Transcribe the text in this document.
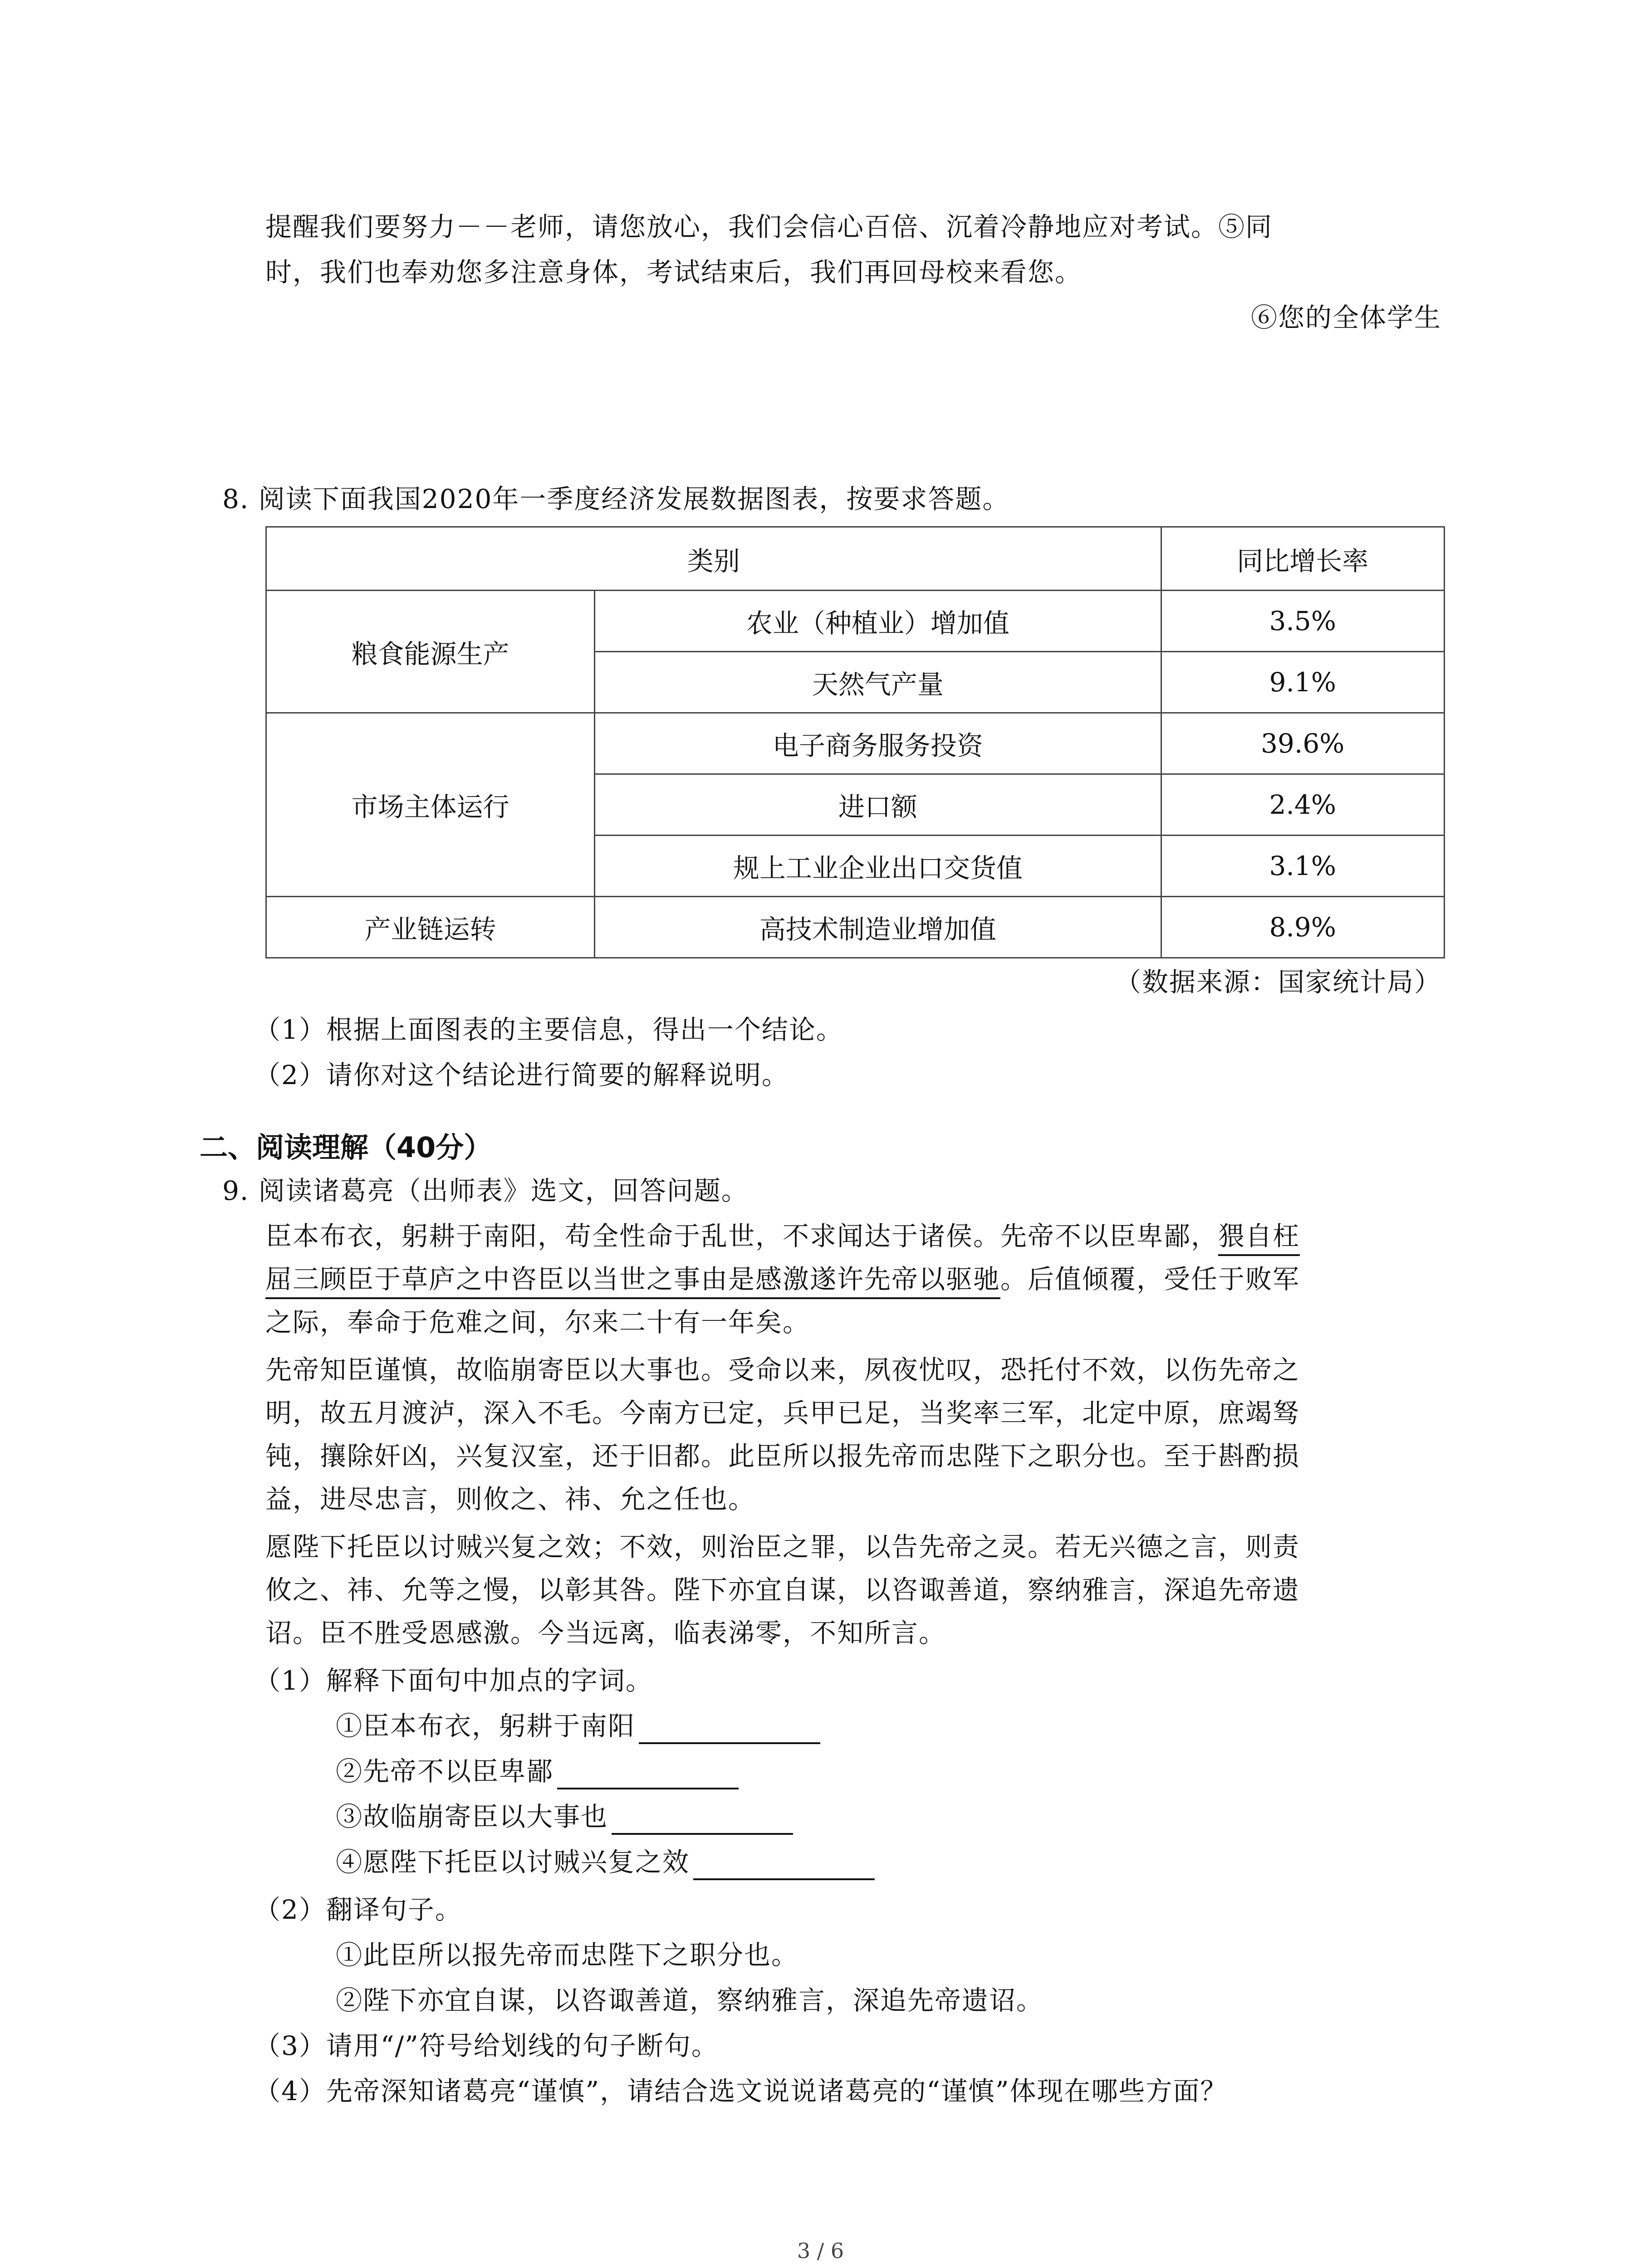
提醒我们要努力－－老师，请您放心，我们会信心百倍、沉着冷静地应对考试。⑤同
时，我们也奉劝您多注意身体，考试结束后，我们再回母校来看您。
⑥您的全体学生
8. 阅读下面我国2020年一季度经济发展数据图表，按要求答题。
类别		同比增长率
粮食能源生产	农业（种植业）增加值	3.5%
	天然气产量	9.1%
市场主体运行	电子商务服务投资	39.6%
	进口额	2.4%
	规上工业企业出口交货值	3.1%
产业链运转	高技术制造业增加值	8.9%
（数据来源：国家统计局）
（1）根据上面图表的主要信息，得出一个结论。
（2）请你对这个结论进行简要的解释说明。
二、阅读理解（40分）
9. 阅读诸葛亮（出师表》选文，回答问题。
臣本布衣，躬耕于南阳，苟全性命于乱世，不求闻达于诸侯。先帝不以臣卑鄙，猥自枉
屈三顾臣于草庐之中咨臣以当世之事由是感激遂许先帝以驱驰。后值倾覆，受任于败军
之际，奉命于危难之间，尔来二十有一年矣。
先帝知臣谨慎，故临崩寄臣以大事也。受命以来，夙夜忧叹，恐托付不效，以伤先帝之
明，故五月渡泸，深入不毛。今南方已定，兵甲已足，当奖率三军，北定中原，庶竭驽
钝，攘除奸凶，兴复汉室，还于旧都。此臣所以报先帝而忠陛下之职分也。至于斟酌损
益，进尽忠言，则攸之、祎、允之任也。
愿陛下托臣以讨贼兴复之效；不效，则治臣之罪，以告先帝之灵。若无兴德之言，则责
攸之、祎、允等之慢，以彰其咎。陛下亦宜自谋，以咨诹善道，察纳雅言，深追先帝遗
诏。臣不胜受恩感激。今当远离，临表涕零，不知所言。
（1）解释下面句中加点的字词。
①臣本布衣，躬耕于南阳
②先帝不以臣卑鄙
③故临崩寄臣以大事也
④愿陛下托臣以讨贼兴复之效
（2）翻译句子。
①此臣所以报先帝而忠陛下之职分也。
②陛下亦宜自谋，以咨诹善道，察纳雅言，深追先帝遗诏。
（3）请用“/”符号给划线的句子断句。
（4）先帝深知诸葛亮“谨慎”，请结合选文说说诸葛亮的“谨慎”体现在哪些方面？
3 / 6
